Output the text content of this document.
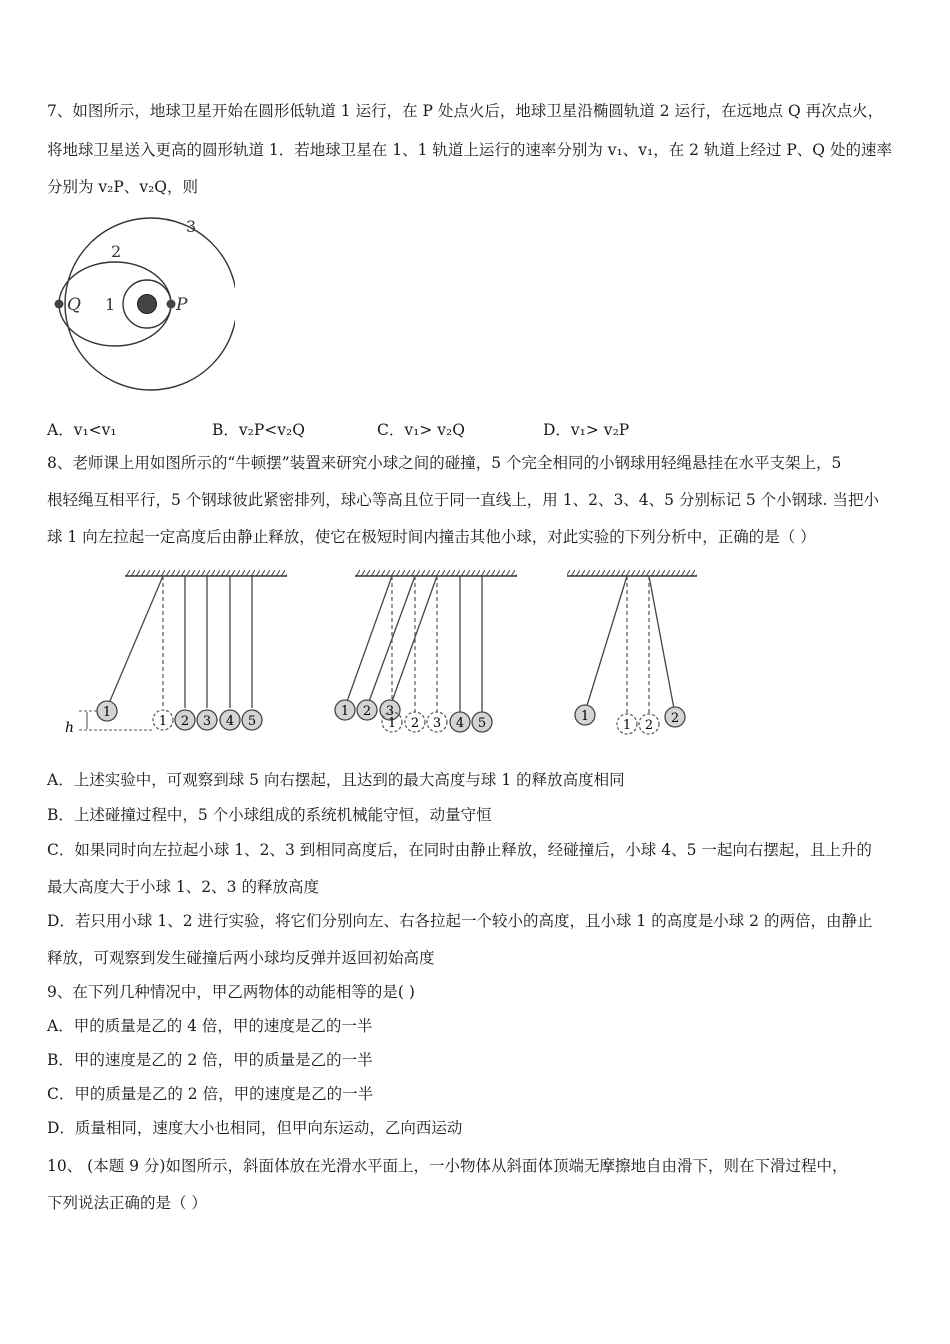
7、如图所示，地球卫星开始在圆形低轨道 1 运行，在 P 处点火后，地球卫星沿椭圆轨道 2 运行，在远地点 Q 再次点火，
将地球卫星送入更高的圆形轨道 1．若地球卫星在 1、1 轨道上运行的速率分别为 v₁、v₁，在 2 轨道上经过 P、Q 处的速率
分别为 v₂P、v₂Q，则
3
2
1
Q	P
A．v₁<v₁	B．v₂P<v₂Q	C．v₁> v₂Q	D．v₁> v₂P
8、老师课上用如图所示的“牛顿摆”装置来研究小球之间的碰撞，5 个完全相同的小钢球用轻绳悬挂在水平支架上，5
根轻绳互相平行，5 个钢球彼此紧密排列，球心等高且位于同一直线上，用 1、2、3、4、5 分别标记 5 个小钢球. 当把小
球 1 向左拉起一定高度后由静止释放，使它在极短时间内撞击其他小球，对此实验的下列分析中，正确的是（ ）
1
1 2 3 4 5
h
1 2 3
1 2 3 4 5	1
1 2 2
A．上述实验中，可观察到球 5 向右摆起，且达到的最大高度与球 1 的释放高度相同
B．上述碰撞过程中，5 个小球组成的系统机械能守恒，动量守恒
C．如果同时向左拉起小球 1、2、3 到相同高度后，在同时由静止释放，经碰撞后，小球 4、5 一起向右摆起，且上升的
最大高度大于小球 1、2、3 的释放高度
D．若只用小球 1、2 进行实验，将它们分别向左、右各拉起一个较小的高度，且小球 1 的高度是小球 2 的两倍，由静止
释放，可观察到发生碰撞后两小球均反弹并返回初始高度
9、在下列几种情况中，甲乙两物体的动能相等的是( )
A．甲的质量是乙的 4 倍，甲的速度是乙的一半
B．甲的速度是乙的 2 倍，甲的质量是乙的一半
C．甲的质量是乙的 2 倍，甲的速度是乙的一半
D．质量相同，速度大小也相同，但甲向东运动，乙向西运动
10、 (本题 9 分)如图所示，斜面体放在光滑水平面上，一小物体从斜面体顶端无摩擦地自由滑下，则在下滑过程中，
下列说法正确的是（ ）
